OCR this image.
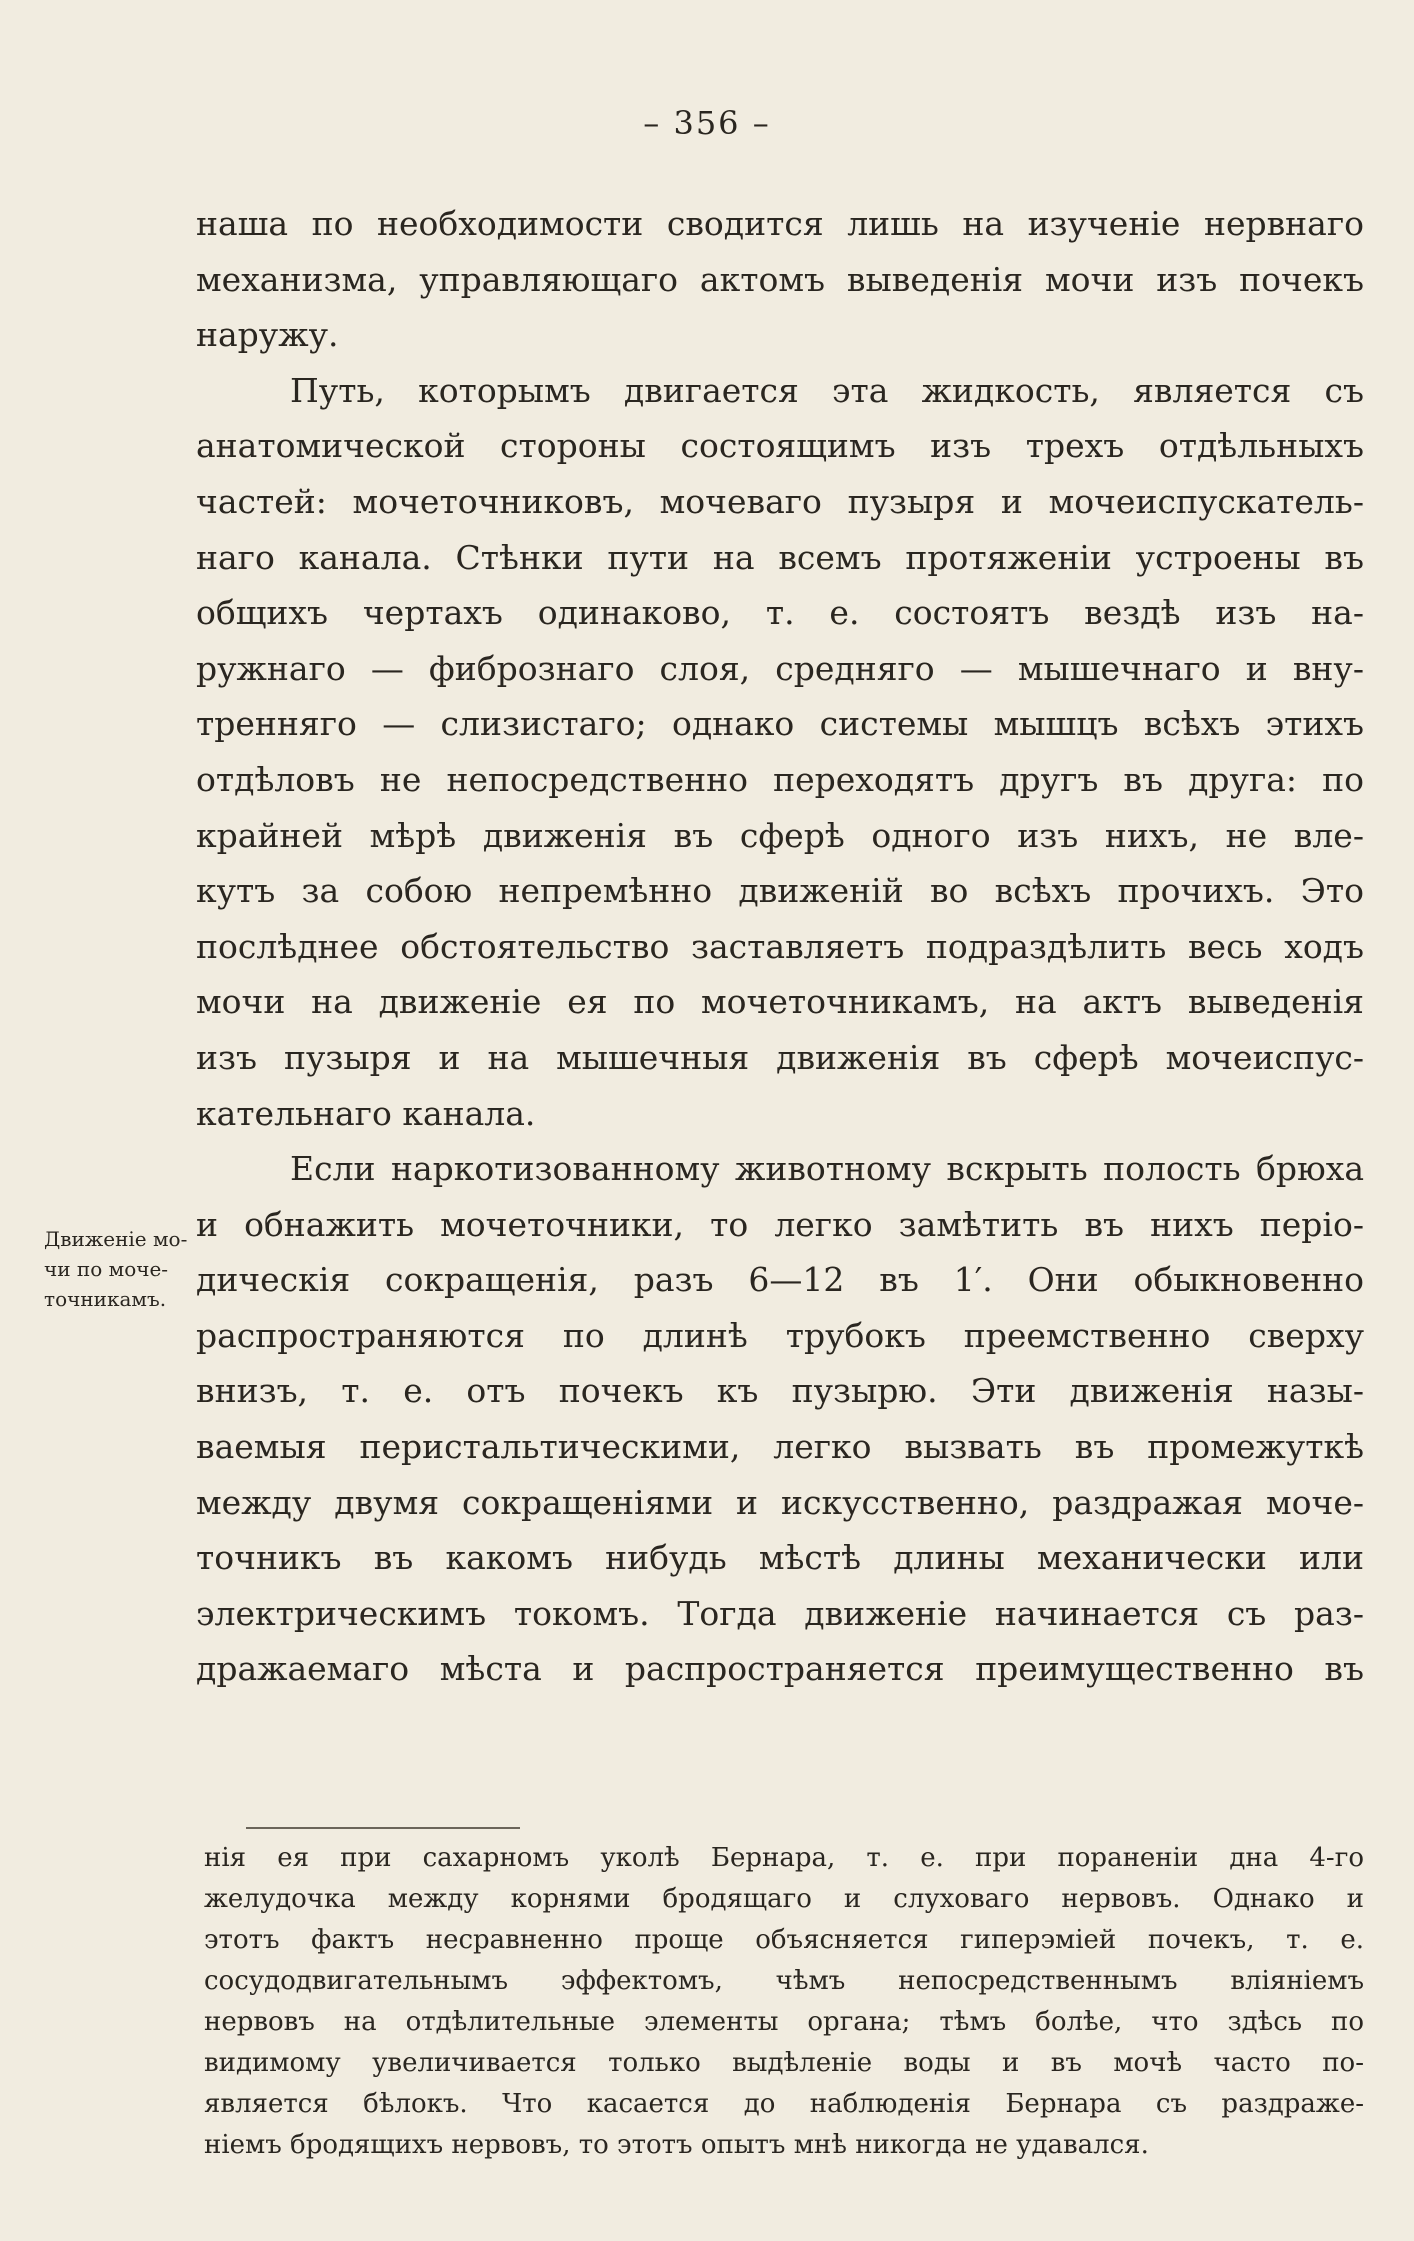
– 356 –
наша по необходимости сводится лишь на изученіе нервнаго
механизма, управляющаго актомъ выведенія мочи изъ почекъ
наружу.
Путь, которымъ двигается эта жидкость, является съ
анатомической стороны состоящимъ изъ трехъ отдѣльныхъ
частей: мочеточниковъ, мочеваго пузыря и мочеиспускатель-
наго канала. Стѣнки пути на всемъ протяженіи устроены въ
общихъ чертахъ одинаково, т. е. состоятъ вездѣ изъ на-
ружнаго — фибрознаго слоя, средняго — мышечнаго и вну-
тренняго — слизистаго; однако системы мышцъ всѣхъ этихъ
отдѣловъ не непосредственно переходятъ другъ въ друга: по
крайней мѣрѣ движенія въ сферѣ одного изъ нихъ, не вле-
кутъ за собою непремѣнно движеній во всѣхъ прочихъ. Это
послѣднее обстоятельство заставляетъ подраздѣлить весь ходъ
мочи на движеніе ея по мочеточникамъ, на актъ выведенія
изъ пузыря и на мышечныя движенія въ сферѣ мочеиспус-
кательнаго канала.
Если наркотизованному животному вскрыть полость брюха
и обнажить мочеточники, то легко замѣтить въ нихъ періо-
дическія сокращенія, разъ 6—12 въ 1′. Они обыкновенно
распространяются по длинѣ трубокъ преемственно сверху
внизъ, т. е. отъ почекъ къ пузырю. Эти движенія назы-
ваемыя перистальтическими, легко вызвать въ промежуткѣ
между двумя сокращеніями и искусственно, раздражая моче-
точникъ въ какомъ нибудь мѣстѣ длины механически или
электрическимъ токомъ. Тогда движеніе начинается съ раз-
дражаемаго мѣста и распространяется преимущественно въ
Движеніе мо-
чи по моче-
точникамъ.
нія ея при сахарномъ уколѣ Бернара, т. е. при пораненіи дна 4-го
желудочка между корнями бродящаго и слуховаго нервовъ. Однако и
этотъ фактъ несравненно проще объясняется гиперэміей почекъ, т. е.
сосудодвигательнымъ эффектомъ, чѣмъ непосредственнымъ вліяніемъ
нервовъ на отдѣлительные элементы органа; тѣмъ болѣе, что здѣсь по
видимому увеличивается только выдѣленіе воды и въ мочѣ часто по-
является бѣлокъ. Что касается до наблюденія Бернара съ раздраже-
ніемъ бродящихъ нервовъ, то этотъ опытъ мнѣ никогда не удавался.
